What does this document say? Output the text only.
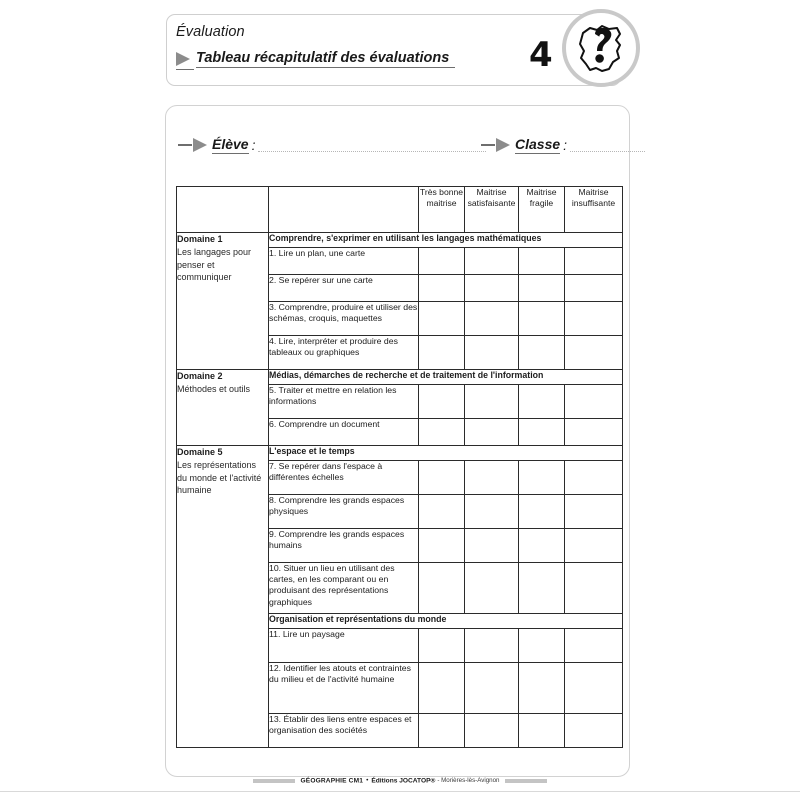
Évaluation
Tableau récapitulatif des évaluations	4
Élève :	Classe :
		Très bonne maitrise	Maitrise satisfaisante	Maitrise fragile	Maitrise insuffisante

Domaine 1
Les langages pour penser et communiquer	Comprendre, s'exprimer en utilisant les langages mathématiques				
	1. Lire un plan, une carte				
	2. Se repérer sur une carte				
	3. Comprendre, produire et utiliser des schémas, croquis, maquettes				
	4. Lire, interpréter et produire des tableaux ou graphiques				

Domaine 2
Méthodes et outils	Médias, démarches de recherche et de traitement de l'information				
	5. Traiter et mettre en relation les informations				
	6. Comprendre un document				

Domaine 5
Les représentations du monde et l'activité humaine	L'espace et le temps				
	7. Se repérer dans l'espace à différentes échelles				
	8. Comprendre les grands espaces physiques				
	9. Comprendre les grands espaces humains				
	10. Situer un lieu en utilisant des cartes, en les comparant ou en produisant des représentations graphiques				
	Organisation et représentations du monde				
	11. Lire un paysage				
	12. Identifier les atouts et contraintes du milieu et de l'activité humaine				
	13. Établir des liens entre espaces et organisation des sociétés				
GÉOGRAPHIE CM1 • Éditions JOCATOP® - Morières-lès-Avignon
